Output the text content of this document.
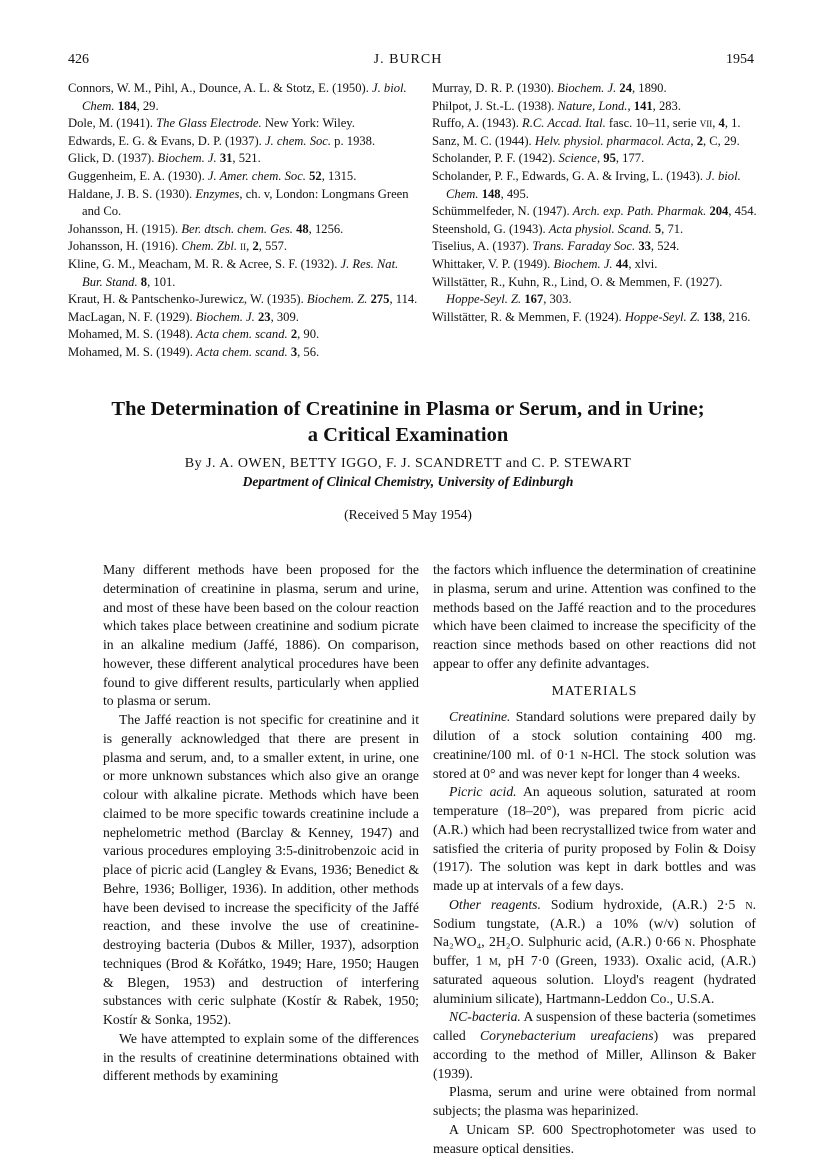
426	J. BURCH	1954
Connors, W. M., Pihl, A., Dounce, A. L. & Stotz, E. (1950). J. biol. Chem. 184, 29.
Dole, M. (1941). The Glass Electrode. New York: Wiley.
Edwards, E. G. & Evans, D. P. (1937). J. chem. Soc. p. 1938.
Glick, D. (1937). Biochem. J. 31, 521.
Guggenheim, E. A. (1930). J. Amer. chem. Soc. 52, 1315.
Haldane, J. B. S. (1930). Enzymes, ch. v, London: Longmans Green and Co.
Johansson, H. (1915). Ber. dtsch. chem. Ges. 48, 1256.
Johansson, H. (1916). Chem. Zbl. ii, 2, 557.
Kline, G. M., Meacham, M. R. & Acree, S. F. (1932). J. Res. Nat. Bur. Stand. 8, 101.
Kraut, H. & Pantschenko-Jurewicz, W. (1935). Biochem. Z. 275, 114.
MacLagan, N. F. (1929). Biochem. J. 23, 309.
Mohamed, M. S. (1948). Acta chem. scand. 2, 90.
Mohamed, M. S. (1949). Acta chem. scand. 3, 56.
Murray, D. R. P. (1930). Biochem. J. 24, 1890.
Philpot, J. St.-L. (1938). Nature, Lond., 141, 283.
Ruffo, A. (1943). R.C. Accad. Ital. fasc. 10–11, serie vii, 4, 1.
Sanz, M. C. (1944). Helv. physiol. pharmacol. Acta, 2, C, 29.
Scholander, P. F. (1942). Science, 95, 177.
Scholander, P. F., Edwards, G. A. & Irving, L. (1943). J. biol. Chem. 148, 495.
Schümmelfeder, N. (1947). Arch. exp. Path. Pharmak. 204, 454.
Steenshold, G. (1943). Acta physiol. Scand. 5, 71.
Tiselius, A. (1937). Trans. Faraday Soc. 33, 524.
Whittaker, V. P. (1949). Biochem. J. 44, xlvi.
Willstätter, R., Kuhn, R., Lind, O. & Memmen, F. (1927). Hoppe-Seyl. Z. 167, 303.
Willstätter, R. & Memmen, F. (1924). Hoppe-Seyl. Z. 138, 216.
The Determination of Creatinine in Plasma or Serum, and in Urine;
a Critical Examination
By J. A. OWEN, BETTY IGGO, F. J. SCANDRETT and C. P. STEWART
Department of Clinical Chemistry, University of Edinburgh
(Received 5 May 1954)

Many different methods have been proposed for the determination of creatinine in plasma, serum and urine, and most of these have been based on the colour reaction which takes place between creatinine and sodium picrate in an alkaline medium (Jaffé, 1886). On comparison, however, these different analytical procedures have been found to give different results, particularly when applied to plasma or serum.

The Jaffé reaction is not specific for creatinine and it is generally acknowledged that there are present in plasma and serum, and, to a smaller extent, in urine, one or more unknown substances which also give an orange colour with alkaline picrate. Methods which have been claimed to be more specific towards creatinine include a nephelometric method (Barclay & Kenney, 1947) and various procedures employing 3:5-dinitrobenzoic acid in place of picric acid (Langley & Evans, 1936; Benedict & Behre, 1936; Bolliger, 1936). In addition, other methods have been devised to increase the specificity of the Jaffé reaction, and these involve the use of creatinine-destroying bacteria (Dubos & Miller, 1937), adsorption techniques (Brod & Kořátko, 1949; Hare, 1950; Haugen & Blegen, 1953) and destruction of interfering substances with ceric sulphate (Kostír & Rabek, 1950; Kostír & Sonka, 1952).

We have attempted to explain some of the differences in the results of creatinine determinations obtained with different methods by examining

the factors which influence the determination of creatinine in plasma, serum and urine. Attention was confined to the methods based on the Jaffé reaction and to the procedures which have been claimed to increase the specificity of the reaction since methods based on other reactions did not appear to offer any definite advantages.

MATERIALS

Creatinine. Standard solutions were prepared daily by dilution of a stock solution containing 400 mg. creatinine/100 ml. of 0·1 n-HCl. The stock solution was stored at 0° and was never kept for longer than 4 weeks.

Picric acid. An aqueous solution, saturated at room temperature (18–20°), was prepared from picric acid (A.R.) which had been recrystallized twice from water and satisfied the criteria of purity proposed by Folin & Doisy (1917). The solution was kept in dark bottles and was made up at intervals of a few days.

Other reagents. Sodium hydroxide, (A.R.) 2·5 n. Sodium tungstate, (A.R.) a 10% (w/v) solution of Na₂WO₄, 2H₂O. Sulphuric acid, (A.R.) 0·66 n. Phosphate buffer, 1 m, pH 7·0 (Green, 1933). Oxalic acid, (A.R.) saturated aqueous solution. Lloyd's reagent (hydrated aluminium silicate), Hartmann-Leddon Co., U.S.A.

NC-bacteria. A suspension of these bacteria (sometimes called Corynebacterium ureafaciens) was prepared according to the method of Miller, Allinson & Baker (1939).

Plasma, serum and urine were obtained from normal subjects; the plasma was heparinized.

A Unicam SP. 600 Spectrophotometer was used to measure optical densities.
